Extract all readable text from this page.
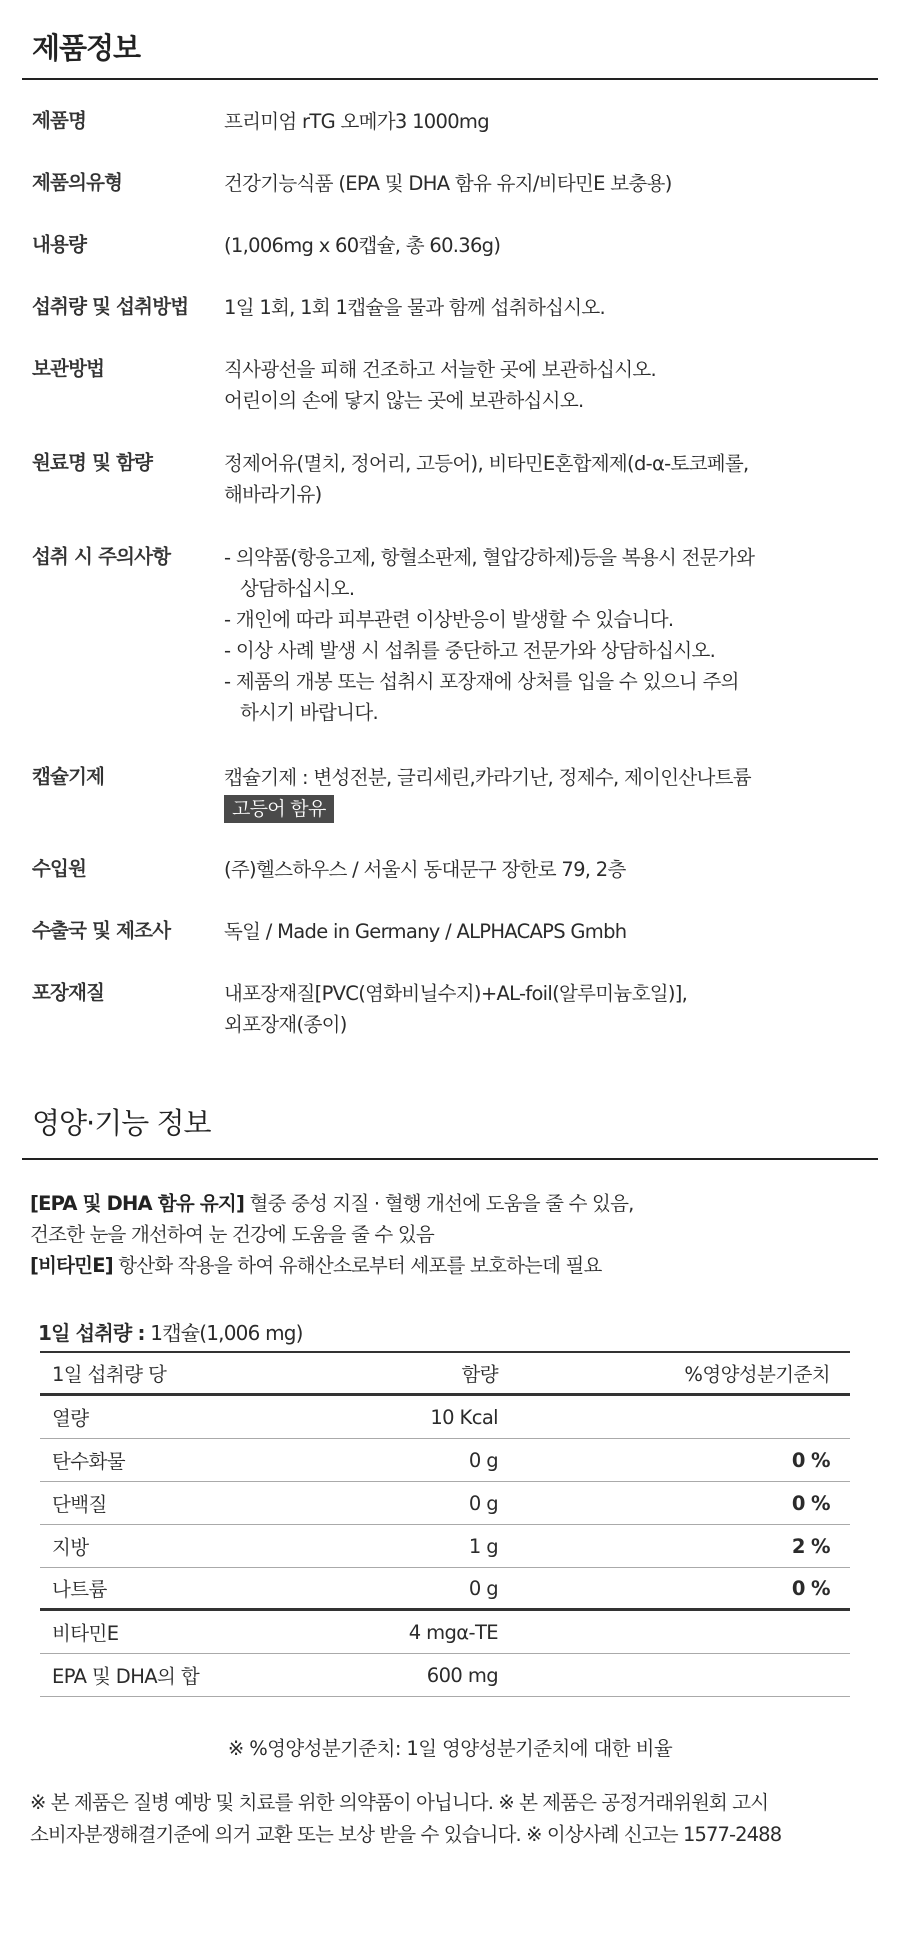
제품정보
제품명	프리미엄 rTG 오메가3 1000mg
제품의유형	건강기능식품 (EPA 및 DHA 함유 유지/비타민E 보충용)
내용량	(1,006mg x 60캡슐, 총 60.36g)
섭취량 및 섭취방법	1일 1회, 1회 1캡슐을 물과 함께 섭취하십시오.
보관방법	직사광선을 피해 건조하고 서늘한 곳에 보관하십시오.
어린이의 손에 닿지 않는 곳에 보관하십시오.
원료명 및 함량	정제어유(멸치, 정어리, 고등어), 비타민E혼합제제(d-α-토코페롤,
해바라기유)
섭취 시 주의사항	- 의약품(항응고제, 항혈소판제, 혈압강하제)등을 복용시 전문가와
상담하십시오.
- 개인에 따라 피부관련 이상반응이 발생할 수 있습니다.
- 이상 사례 발생 시 섭취를 중단하고 전문가와 상담하십시오.
- 제품의 개봉 또는 섭취시 포장재에 상처를 입을 수 있으니 주의
하시기 바랍니다.
캡슐기제	캡슐기제 : 변성전분, 글리세린,카라기난, 정제수, 제이인산나트륨
고등어 함유
수입원	(주)헬스하우스 / 서울시 동대문구 장한로 79, 2층
수출국 및 제조사	독일 / Made in Germany / ALPHACAPS Gmbh
포장재질	내포장재질[PVC(염화비닐수지)+AL-foil(알루미늄호일)],
외포장재(종이)
영양·기능 정보
[EPA 및 DHA 함유 유지] 혈중 중성 지질 · 혈행 개선에 도움을 줄 수 있음,
건조한 눈을 개선하여 눈 건강에 도움을 줄 수 있음
[비타민E] 항산화 작용을 하여 유해산소로부터 세포를 보호하는데 필요
1일 섭취량 : 1캡슐(1,006 mg)
1일 섭취량 당	함량	%영양성분기준치
열량	10 Kcal
탄수화물	0 g	0 %
단백질	0 g	0 %
지방	1 g	2 %
나트륨	0 g	0 %
비타민E	4 mgα-TE
EPA 및 DHA의 합	600 mg
※ %영양성분기준치: 1일 영양성분기준치에 대한 비율
※ 본 제품은 질병 예방 및 치료를 위한 의약품이 아닙니다. ※ 본 제품은 공정거래위원회 고시
소비자분쟁해결기준에 의거 교환 또는 보상 받을 수 있습니다. ※ 이상사례 신고는 1577-2488
